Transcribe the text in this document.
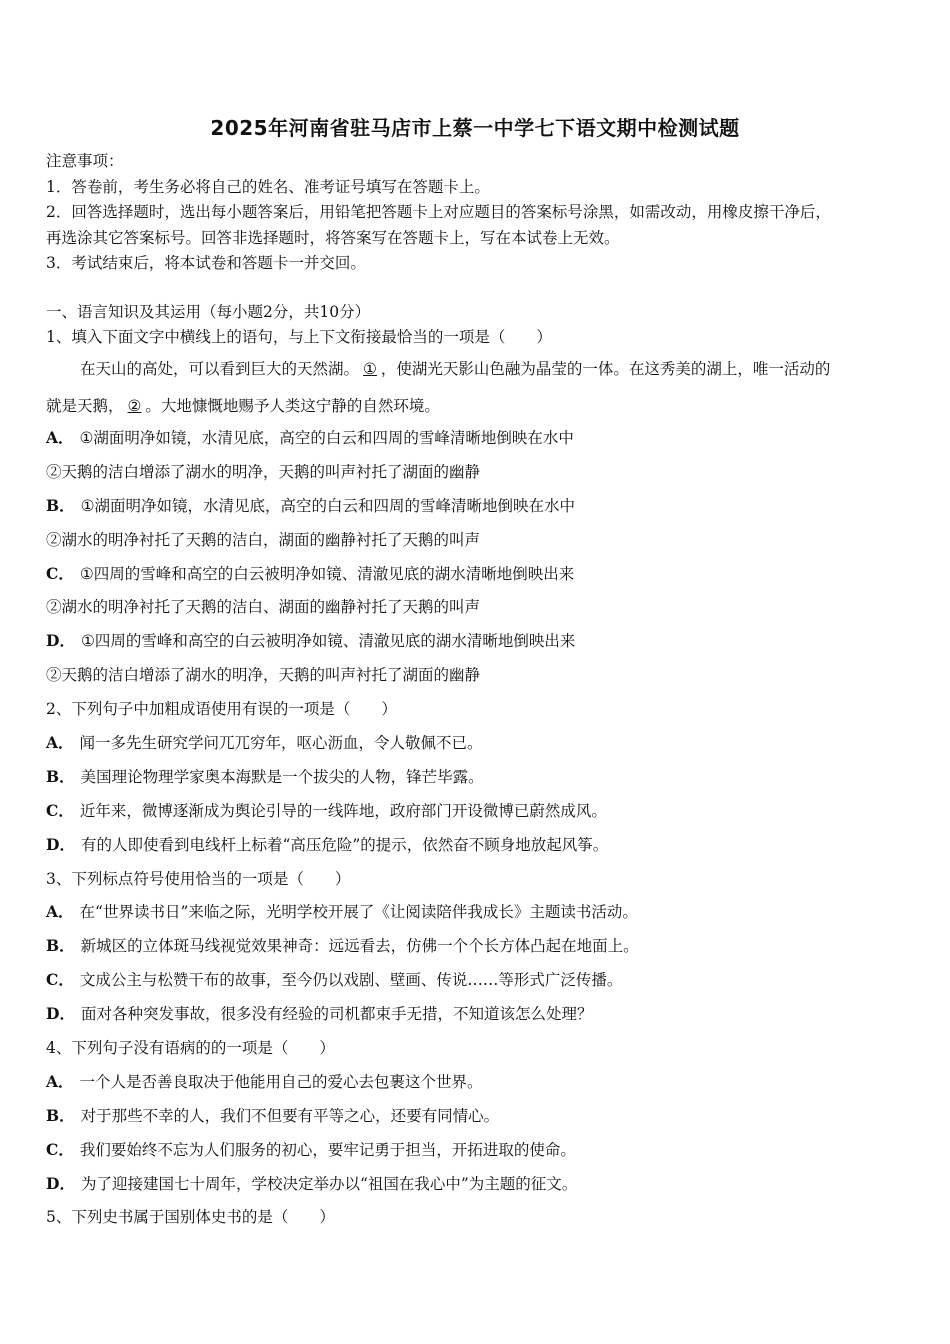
2025年河南省驻马店市上蔡一中学七下语文期中检测试题
注意事项：
1．答卷前，考生务必将自己的姓名、准考证号填写在答题卡上。
2．回答选择题时，选出每小题答案后，用铅笔把答题卡上对应题目的答案标号涂黑，如需改动，用橡皮擦干净后，
再选涂其它答案标号。回答非选择题时，将答案写在答题卡上，写在本试卷上无效。
3．考试结束后，将本试卷和答题卡一并交回。
一、语言知识及其运用（每小题2分，共10分）
1、填入下面文字中横线上的语句，与上下文衔接最恰当的一项是（　　）
在天山的高处，可以看到巨大的天然湖。 ① ，使湖光天影山色融为晶莹的一体。在这秀美的湖上，唯一活动的
就是天鹅， ② 。大地慷慨地赐予人类这宁静的自然环境。
A． ①湖面明净如镜，水清见底，高空的白云和四周的雪峰清晰地倒映在水中
②天鹅的洁白增添了湖水的明净，天鹅的叫声衬托了湖面的幽静
B． ①湖面明净如镜，水清见底，高空的白云和四周的雪峰清晰地倒映在水中
②湖水的明净衬托了天鹅的洁白，湖面的幽静衬托了天鹅的叫声
C． ①四周的雪峰和高空的白云被明净如镜、清澈见底的湖水清晰地倒映出来
②湖水的明净衬托了天鹅的洁白、湖面的幽静衬托了天鹅的叫声
D． ①四周的雪峰和高空的白云被明净如镜、清澈见底的湖水清晰地倒映出来
②天鹅的洁白增添了湖水的明净，天鹅的叫声衬托了湖面的幽静
2、下列句子中加粗成语使用有误的一项是（　　）
A． 闻一多先生研究学问兀兀穷年，呕心沥血，令人敬佩不已。
B． 美国理论物理学家奥本海默是一个拔尖的人物，锋芒毕露。
C． 近年来，微博逐渐成为舆论引导的一线阵地，政府部门开设微博已蔚然成风。
D． 有的人即使看到电线杆上标着“高压危险”的提示，依然奋不顾身地放起风筝。
3、下列标点符号使用恰当的一项是（　　）
A． 在“世界读书日”来临之际，光明学校开展了《让阅读陪伴我成长》主题读书活动。
B． 新城区的立体斑马线视觉效果神奇：远远看去，仿佛一个个长方体凸起在地面上。
C． 文成公主与松赞干布的故事，至今仍以戏剧、壁画、传说……等形式广泛传播。
D． 面对各种突发事故，很多没有经验的司机都束手无措，不知道该怎么处理？
4、下列句子没有语病的的一项是（　　）
A． 一个人是否善良取决于他能用自己的爱心去包裹这个世界。
B． 对于那些不幸的人，我们不但要有平等之心，还要有同情心。
C． 我们要始终不忘为人们服务的初心，要牢记勇于担当，开拓进取的使命。
D． 为了迎接建国七十周年，学校决定举办以“祖国在我心中”为主题的征文。
5、下列史书属于国别体史书的是（　　）
